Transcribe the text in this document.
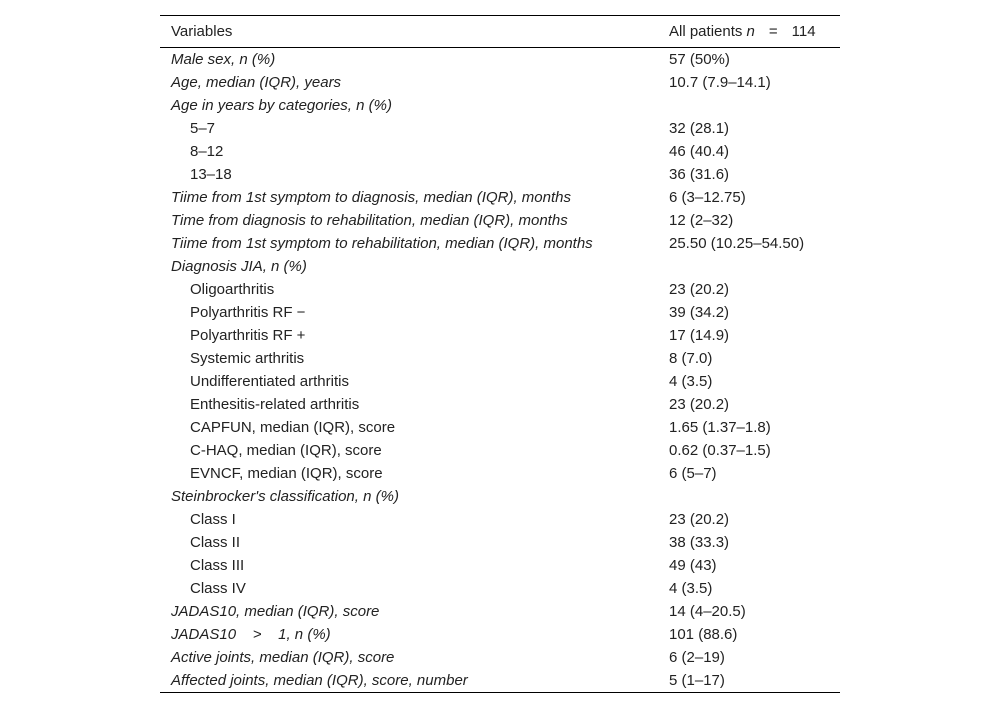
Variables	All patients n = 114
Male sex, n (%)	57 (50%)
Age, median (IQR), years	10.7 (7.9–14.1)
Age in years by categories, n (%)	
5–7	32 (28.1)
8–12	46 (40.4)
13–18	36 (31.6)
Tiime from 1st symptom to diagnosis, median (IQR), months	6 (3–12.75)
Time from diagnosis to rehabilitation, median (IQR), months	12 (2–32)
Tiime from 1st symptom to rehabilitation, median (IQR), months	25.50 (10.25–54.50)
Diagnosis JIA, n (%)	
Oligoarthritis	23 (20.2)
Polyarthritis RF −	39 (34.2)
Polyarthritis RF +	17 (14.9)
Systemic arthritis	8 (7.0)
Undifferentiated arthritis	4 (3.5)
Enthesitis-related arthritis	23 (20.2)
CAPFUN, median (IQR), score	1.65 (1.37–1.8)
C-HAQ, median (IQR), score	0.62 (0.37–1.5)
EVNCF, median (IQR), score	6 (5–7)
Steinbrocker's classification, n (%)	
Class I	23 (20.2)
Class II	38 (33.3)
Class III	49 (43)
Class IV	4 (3.5)
JADAS10, median (IQR), score	14 (4–20.5)
JADAS10    >    1, n (%)	101 (88.6)
Active joints, median (IQR), score	6 (2–19)
Affected joints, median (IQR), score, number	5 (1–17)
